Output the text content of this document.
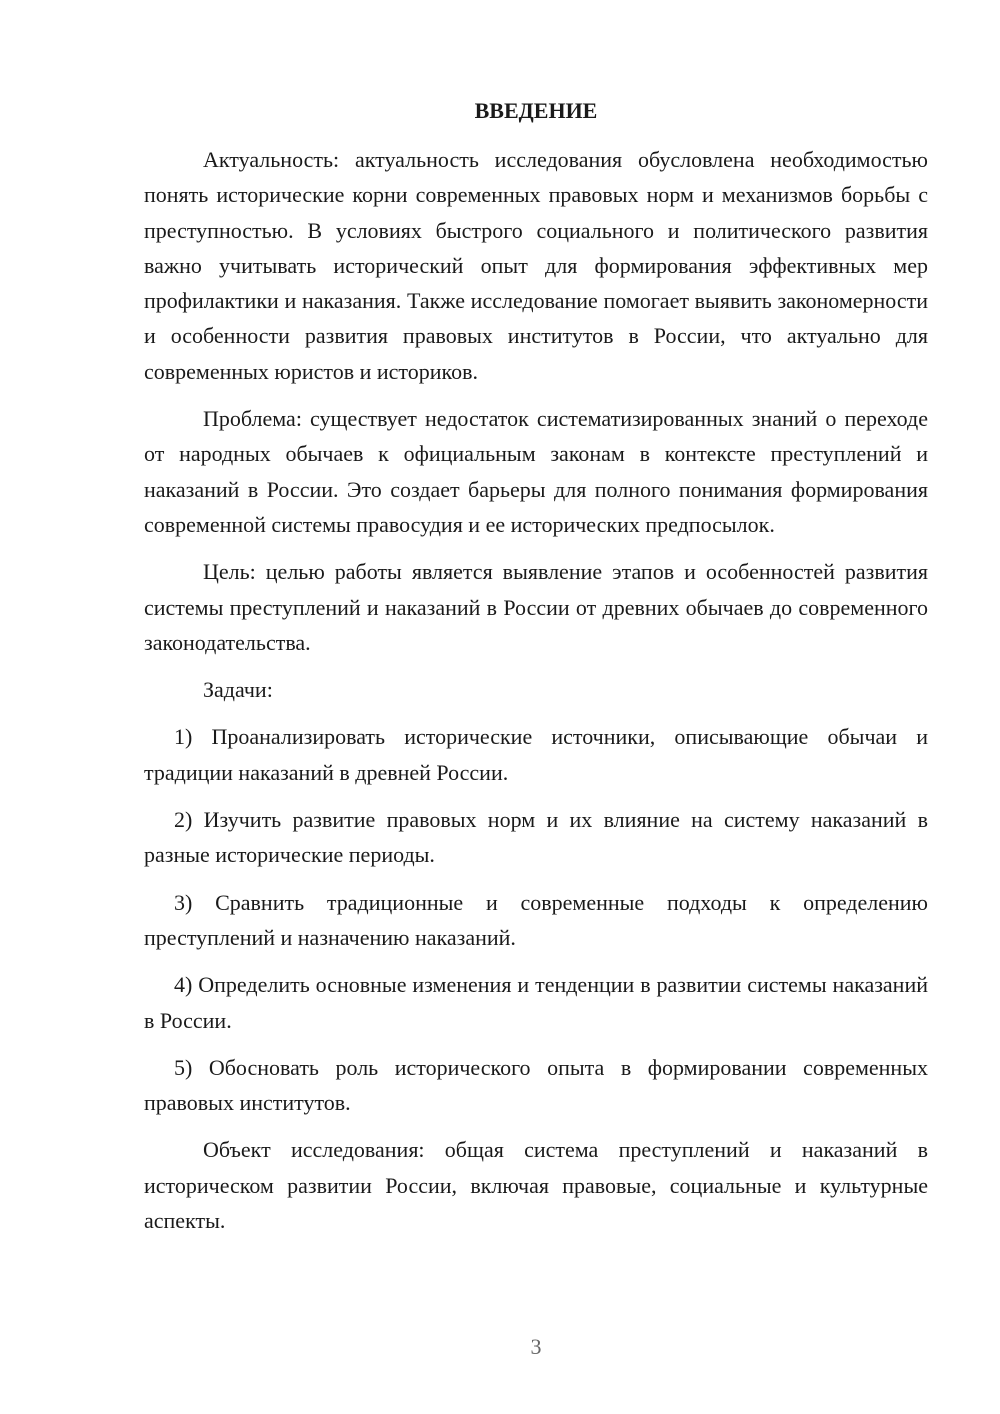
ВВЕДЕНИЕ

Актуальность: актуальность исследования обусловлена необходимостью понять исторические корни современных правовых норм и механизмов борьбы с преступностью. В условиях быстрого социального и политического развития важно учитывать исторический опыт для формирования эффективных мер профилактики и наказания. Также исследование помогает выявить закономерности и особенности развития правовых институтов в России, что актуально для современных юристов и историков.

Проблема: существует недостаток систематизированных знаний о переходе от народных обычаев к официальным законам в контексте преступлений и наказаний в России. Это создает барьеры для полного понимания формирования современной системы правосудия и ее исторических предпосылок.

Цель: целью работы является выявление этапов и особенностей развития системы преступлений и наказаний в России от древних обычаев до современного законодательства.

Задачи:

1) Проанализировать исторические источники, описывающие обычаи и традиции наказаний в древней России.

2) Изучить развитие правовых норм и их влияние на систему наказаний в разные исторические периоды.

3) Сравнить традиционные и современные подходы к определению преступлений и назначению наказаний.

4) Определить основные изменения и тенденции в развитии системы наказаний в России.

5) Обосновать роль исторического опыта в формировании современных правовых институтов.

Объект исследования: общая система преступлений и наказаний в историческом развитии России, включая правовые, социальные и культурные аспекты.

3
